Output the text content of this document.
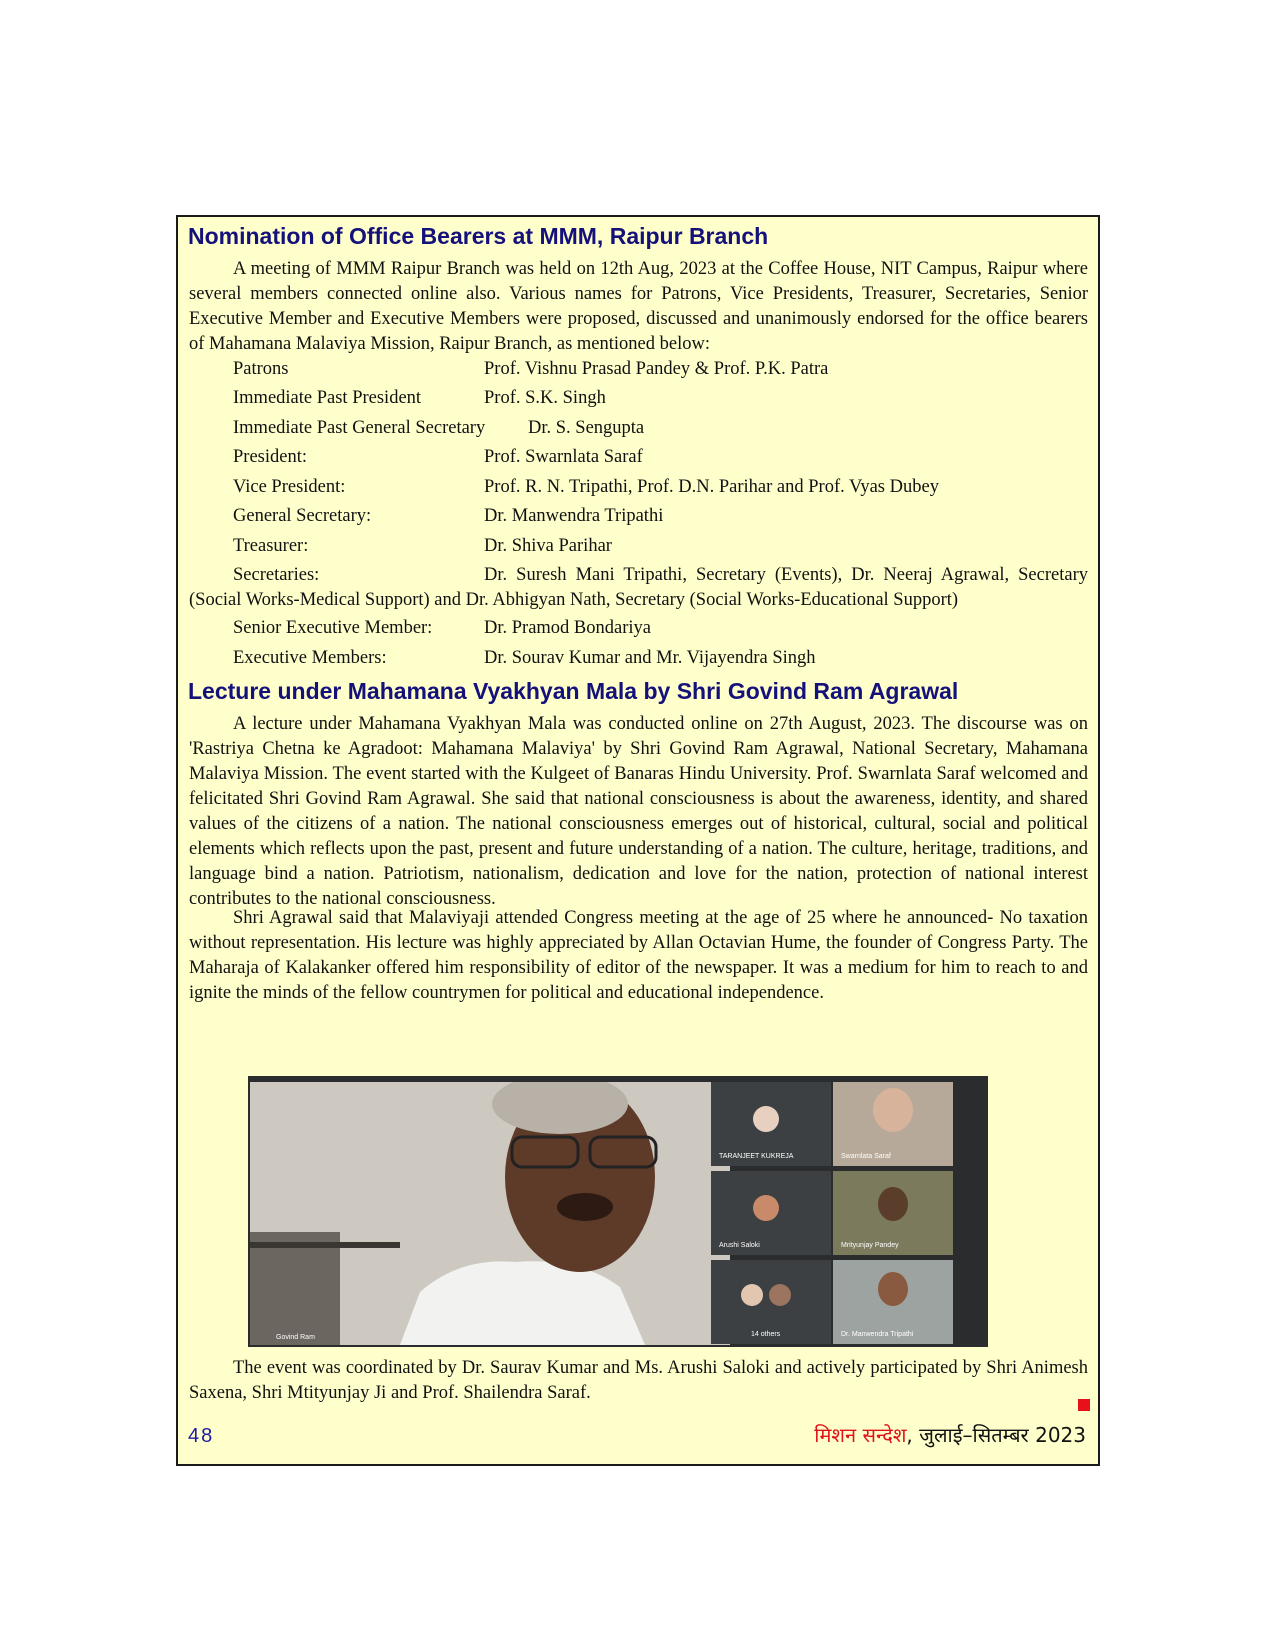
Nomination of Office Bearers at MMM, Raipur Branch

A meeting of MMM Raipur Branch was held on 12th Aug, 2023 at the Coffee House, NIT Campus, Raipur where several members connected online also. Various names for Patrons, Vice Presidents, Treasurer, Secretaries, Senior Executive Member and Executive Members were proposed, discussed and unanimously endorsed for the office bearers of Mahamana Malaviya Mission, Raipur Branch, as mentioned below:

Patrons	Prof. Vishnu Prasad Pandey & Prof. P.K. Patra
Immediate Past President	Prof. S.K. Singh
Immediate Past General Secretary Dr. S. Sengupta
President:	Prof. Swarnlata Saraf
Vice President:	Prof. R. N. Tripathi, Prof. D.N. Parihar and Prof. Vyas Dubey
General Secretary:	Dr. Manwendra Tripathi
Treasurer:	Dr. Shiva Parihar
Secretaries:	Dr. Suresh Mani Tripathi, Secretary (Events), Dr. Neeraj Agrawal, Secretary (Social Works-Medical Support) and Dr. Abhigyan Nath, Secretary (Social Works-Educational Support)
Senior Executive Member:	Dr. Pramod Bondariya
Executive Members:	Dr. Sourav Kumar and Mr. Vijayendra Singh
Lecture under Mahamana Vyakhyan Mala by Shri Govind Ram Agrawal

A lecture under Mahamana Vyakhyan Mala was conducted online on 27th August, 2023. The discourse was on 'Rastriya Chetna ke Agradoot: Mahamana Malaviya' by Shri Govind Ram Agrawal, National Secretary, Mahamana Malaviya Mission. The event started with the Kulgeet of Banaras Hindu University. Prof. Swarnlata Saraf welcomed and felicitated Shri Govind Ram Agrawal. She said that national consciousness is about the awareness, identity, and shared values of the citizens of a nation. The national consciousness emerges out of historical, cultural, social and political elements which reflects upon the past, present and future understanding of a nation. The culture, heritage, traditions, and language bind a nation. Patriotism, nationalism, dedication and love for the nation, protection of national interest contributes to the national consciousness.

Shri Agrawal said that Malaviyaji attended Congress meeting at the age of 25 where he announced- No taxation without representation. His lecture was highly appreciated by Allan Octavian Hume, the founder of Congress Party. The Maharaja of Kalakanker offered him responsibility of editor of the newspaper. It was a medium for him to reach to and ignite the minds of the fellow countrymen for political and educational independence.

Govind Ram
TARANJEET KUKREJA	Swarnlata Saraf
Arushi Saloki	Mrityunjay Pandey
14 others	Dr. Manwendra Tripathi

The event was coordinated by Dr. Saurav Kumar and Ms. Arushi Saloki and actively participated by Shri Animesh Saxena, Shri Mtityunjay Ji and Prof. Shailendra Saraf.

48	मिशन सन्देश, जुलाई–सितम्बर 2023
